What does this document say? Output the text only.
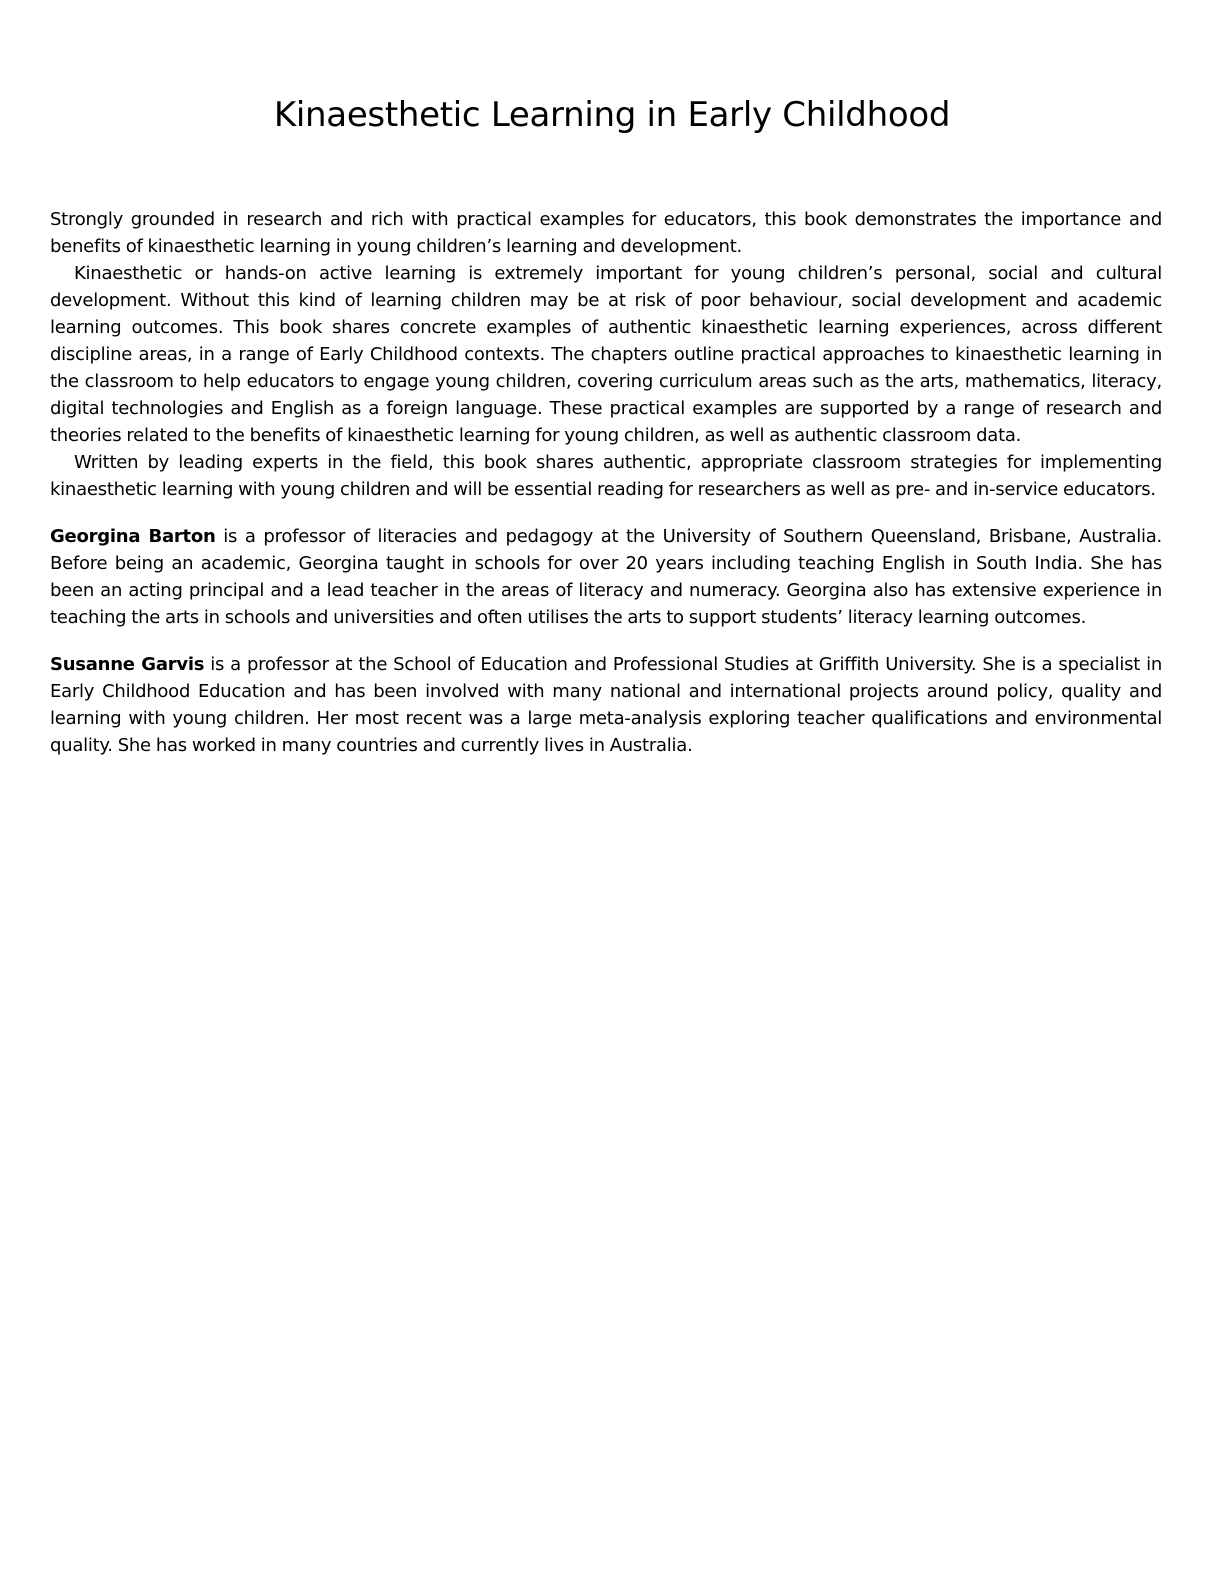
Kinaesthetic Learning in Early Childhood

Strongly grounded in research and rich with practical examples for educators, this book demonstrates the importance and benefits of kinaesthetic learning in young children’s learning and development.

Kinaesthetic or hands-on active learning is extremely important for young children’s personal, social and cultural development. Without this kind of learning children may be at risk of poor behaviour, social development and academic learning outcomes. This book shares concrete examples of authentic kinaesthetic learning experiences, across different discipline areas, in a range of Early Childhood contexts. The chapters outline practical approaches to kinaesthetic learning in the classroom to help educators to engage young children, covering curriculum areas such as the arts, mathematics, literacy, digital technologies and English as a foreign language. These practical examples are supported by a range of research and theories related to the benefits of kinaesthetic learning for young children, as well as authentic classroom data.

Written by leading experts in the field, this book shares authentic, appropriate classroom strategies for implementing kinaesthetic learning with young children and will be essential reading for researchers as well as pre- and in-service educators.

Georgina Barton is a professor of literacies and pedagogy at the University of Southern Queensland, Brisbane, Australia. Before being an academic, Georgina taught in schools for over 20 years including teaching English in South India. She has been an acting principal and a lead teacher in the areas of literacy and numeracy. Georgina also has extensive experience in teaching the arts in schools and universities and often utilises the arts to support students’ literacy learning outcomes.

Susanne Garvis is a professor at the School of Education and Professional Studies at Griffith University. She is a specialist in Early Childhood Education and has been involved with many national and international projects around policy, quality and learning with young children. Her most recent was a large meta-analysis exploring teacher qualifications and environmental quality. She has worked in many countries and currently lives in Australia.
